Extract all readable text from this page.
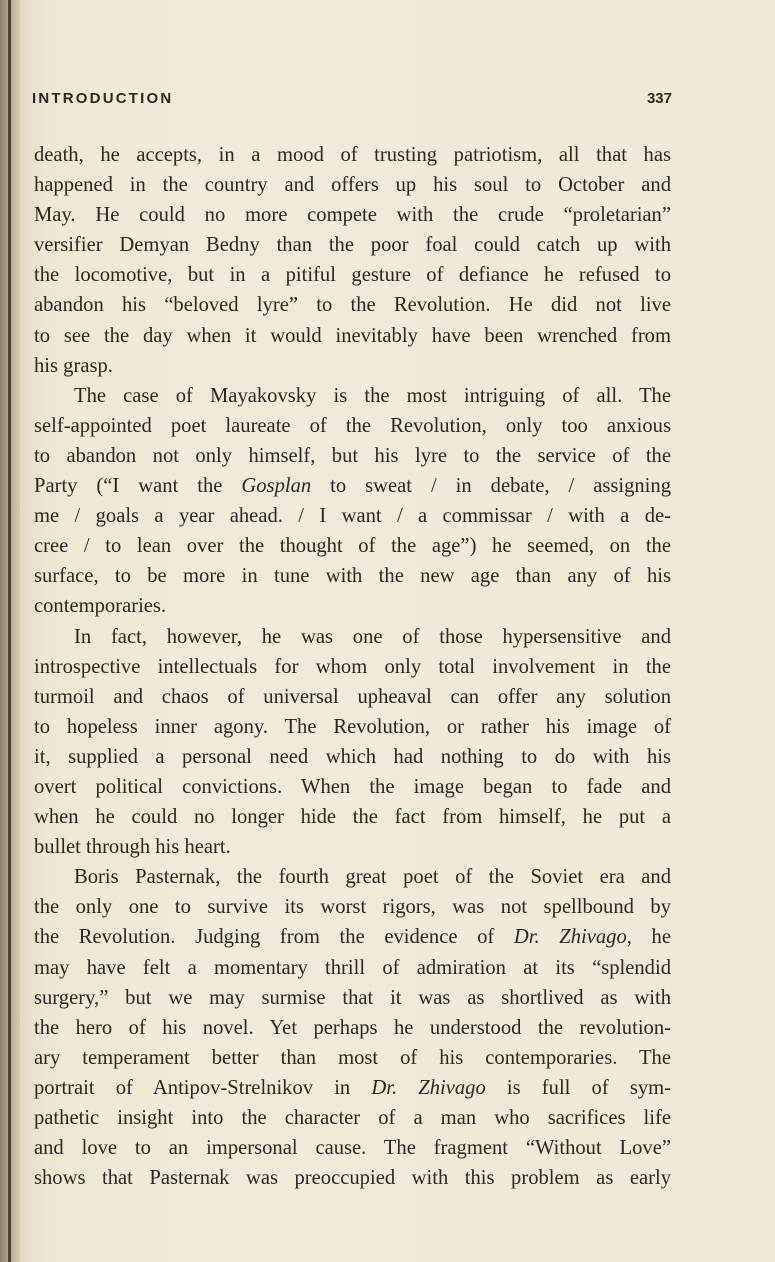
INTRODUCTION	337
death, he accepts, in a mood of trusting patriotism, all that has
happened in the country and offers up his soul to October and
May. He could no more compete with the crude “proletarian”
versifier Demyan Bedny than the poor foal could catch up with
the locomotive, but in a pitiful gesture of defiance he refused to
abandon his “beloved lyre” to the Revolution. He did not live
to see the day when it would inevitably have been wrenched from
his grasp.
The case of Mayakovsky is the most intriguing of all. The
self-appointed poet laureate of the Revolution, only too anxious
to abandon not only himself, but his lyre to the service of the
Party (“I want the Gosplan to sweat / in debate, / assigning
me / goals a year ahead. / I want / a commissar / with a de-
cree / to lean over the thought of the age”) he seemed, on the
surface, to be more in tune with the new age than any of his
contemporaries.
In fact, however, he was one of those hypersensitive and
introspective intellectuals for whom only total involvement in the
turmoil and chaos of universal upheaval can offer any solution
to hopeless inner agony. The Revolution, or rather his image of
it, supplied a personal need which had nothing to do with his
overt political convictions. When the image began to fade and
when he could no longer hide the fact from himself, he put a
bullet through his heart.
Boris Pasternak, the fourth great poet of the Soviet era and
the only one to survive its worst rigors, was not spellbound by
the Revolution. Judging from the evidence of Dr. Zhivago, he
may have felt a momentary thrill of admiration at its “splendid
surgery,” but we may surmise that it was as shortlived as with
the hero of his novel. Yet perhaps he understood the revolution-
ary temperament better than most of his contemporaries. The
portrait of Antipov-Strelnikov in Dr. Zhivago is full of sym-
pathetic insight into the character of a man who sacrifices life
and love to an impersonal cause. The fragment “Without Love”
shows that Pasternak was preoccupied with this problem as early
